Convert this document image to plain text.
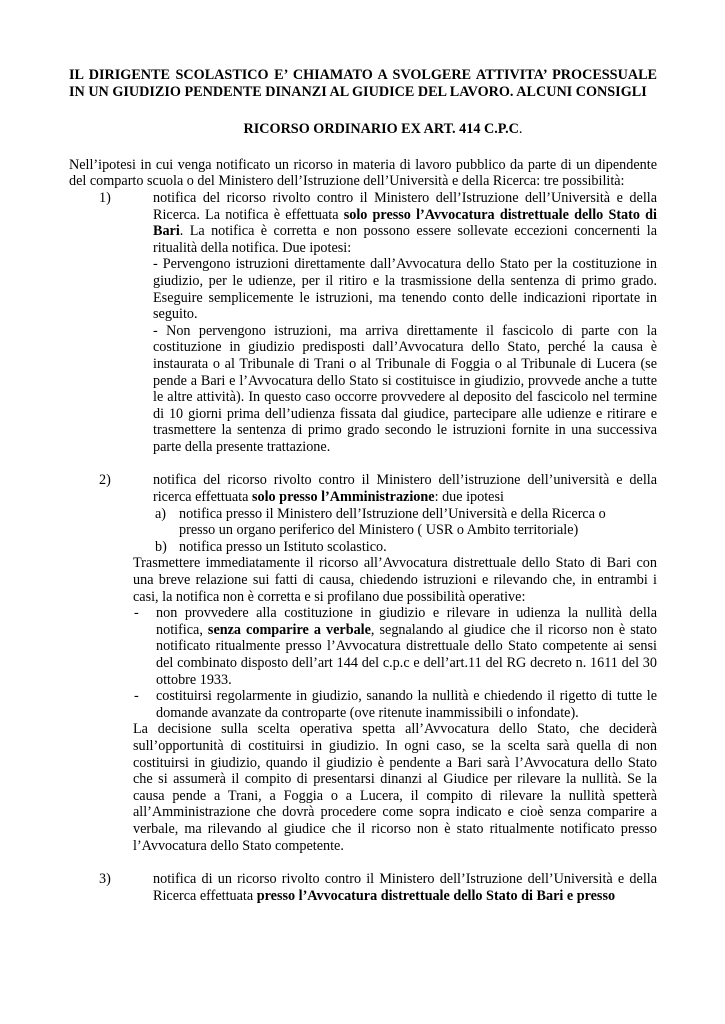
IL DIRIGENTE SCOLASTICO E’ CHIAMATO A SVOLGERE ATTIVITA’ PROCESSUALE IN UN GIUDIZIO PENDENTE DINANZI AL GIUDICE DEL LAVORO. ALCUNI CONSIGLI
RICORSO ORDINARIO EX ART. 414 C.P.C.
Nell’ipotesi in cui venga notificato un ricorso in materia di lavoro pubblico da parte di un dipendente del comparto scuola o del Ministero dell’Istruzione dell’Università e della Ricerca: tre possibilità:
1)	notifica del ricorso rivolto contro il Ministero dell’Istruzione dell’Università e della Ricerca. La notifica è effettuata solo presso l’Avvocatura distrettuale dello Stato di Bari. La notifica è corretta e non possono essere sollevate eccezioni concernenti la ritualità della notifica. Due ipotesi:
- Pervengono istruzioni direttamente dall’Avvocatura dello Stato per la costituzione in giudizio, per le udienze, per il ritiro e la trasmissione della sentenza di primo grado. Eseguire semplicemente le istruzioni, ma tenendo conto delle indicazioni riportate in seguito.
- Non pervengono istruzioni, ma arriva direttamente il fascicolo di parte con la costituzione in giudizio predisposti dall’Avvocatura dello Stato, perché la causa è instaurata o al Tribunale di Trani o al Tribunale di Foggia o al Tribunale di Lucera (se pende a Bari e l’Avvocatura dello Stato si costituisce in giudizio, provvede anche a tutte le altre attività). In questo caso occorre provvedere al deposito del fascicolo nel termine di 10 giorni prima dell’udienza fissata dal giudice, partecipare alle udienze e ritirare e trasmettere la sentenza di primo grado secondo le istruzioni fornite in una successiva parte della presente trattazione.
2)	notifica del ricorso rivolto contro il Ministero dell’istruzione dell’università e della ricerca effettuata solo presso l’Amministrazione: due ipotesi
a) notifica presso il Ministero dell’Istruzione dell’Università e della Ricerca o presso un organo periferico del Ministero ( USR o Ambito territoriale)
b) notifica presso un Istituto scolastico.
Trasmettere immediatamente il ricorso all’Avvocatura distrettuale dello Stato di Bari con una breve relazione sui fatti di causa, chiedendo istruzioni e rilevando che, in entrambi i casi, la notifica non è corretta e si profilano due possibilità operative:
- non provvedere alla costituzione in giudizio e rilevare in udienza la nullità della notifica, senza comparire a verbale, segnalando al giudice che il ricorso non è stato notificato ritualmente presso l’Avvocatura distrettuale dello Stato competente ai sensi del combinato disposto dell’art 144 del c.p.c e dell’art.11 del RG decreto n. 1611 del 30 ottobre 1933.
- costituirsi regolarmente in giudizio, sanando la nullità e chiedendo il rigetto di tutte le domande avanzate da controparte (ove ritenute inammissibili o infondate).
La decisione sulla scelta operativa spetta all’Avvocatura dello Stato, che deciderà sull’opportunità di costituirsi in giudizio. In ogni caso, se la scelta sarà quella di non costituirsi in giudizio, quando il giudizio è pendente a Bari sarà l’Avvocatura dello Stato che si assumerà il compito di presentarsi dinanzi al Giudice per rilevare la nullità. Se la causa pende a Trani, a Foggia o a Lucera, il compito di rilevare la nullità spetterà all’Amministrazione che dovrà procedere come sopra indicato e cioè senza comparire a verbale, ma rilevando al giudice che il ricorso non è stato ritualmente notificato presso l’Avvocatura dello Stato competente.
3)	notifica di un ricorso rivolto contro il Ministero dell’Istruzione dell’Università e della Ricerca effettuata presso l’Avvocatura distrettuale dello Stato di Bari e presso
